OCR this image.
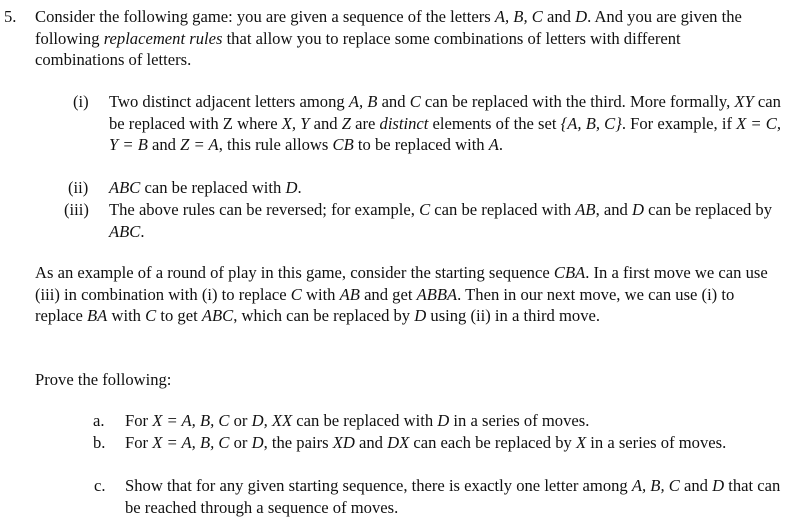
5. Consider the following game: you are given a sequence of the letters A, B, C and D. And you are given the following replacement rules that allow you to replace some combinations of letters with different combinations of letters.

(i) Two distinct adjacent letters among A, B and C can be replaced with the third. More formally, XY can be replaced with Z where X, Y and Z are distinct elements of the set {A, B, C}. For example, if X = C, Y = B and Z = A, this rule allows CB to be replaced with A.

(ii) ABC can be replaced with D.

(iii) The above rules can be reversed; for example, C can be replaced with AB, and D can be replaced by ABC.

As an example of a round of play in this game, consider the starting sequence CBA. In a first move we can use (iii) in combination with (i) to replace C with AB and get ABBA. Then in our next move, we can use (i) to replace BA with C to get ABC, which can be replaced by D using (ii) in a third move.

Prove the following:

a. For X = A, B, C or D, XX can be replaced with D in a series of moves.

b. For X = A, B, C or D, the pairs XD and DX can each be replaced by X in a series of moves.

c. Show that for any given starting sequence, there is exactly one letter among A, B, C and D that can be reached through a sequence of moves.
